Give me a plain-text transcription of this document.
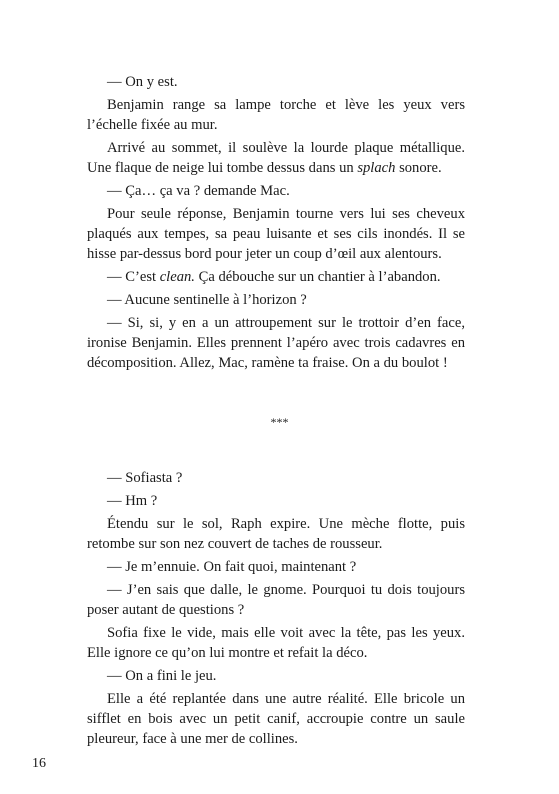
— On y est.

Benjamin range sa lampe torche et lève les yeux vers l’échelle fixée au mur.

Arrivé au sommet, il soulève la lourde plaque métallique. Une flaque de neige lui tombe dessus dans un splach sonore.

— Ça… ça va ? demande Mac.

Pour seule réponse, Benjamin tourne vers lui ses cheveux plaqués aux tempes, sa peau luisante et ses cils inondés. Il se hisse par-dessus bord pour jeter un coup d’œil aux alentours.

— C’est clean. Ça débouche sur un chantier à l’abandon.

— Aucune sentinelle à l’horizon ?

— Si, si, y en a un attroupement sur le trottoir d’en face, ironise Benjamin. Elles prennent l’apéro avec trois cadavres en décomposition. Allez, Mac, ramène ta fraise. On a du boulot !

***

— Sofiasta ?

— Hm ?

Étendu sur le sol, Raph expire. Une mèche flotte, puis retombe sur son nez couvert de taches de rousseur.

— Je m’ennuie. On fait quoi, maintenant ?

— J’en sais que dalle, le gnome. Pourquoi tu dois toujours poser autant de questions ?

Sofia fixe le vide, mais elle voit avec la tête, pas les yeux. Elle ignore ce qu’on lui montre et refait la déco.

— On a fini le jeu.

Elle a été replantée dans une autre réalité. Elle bricole un sifflet en bois avec un petit canif, accroupie contre un saule pleureur, face à une mer de collines.

16
